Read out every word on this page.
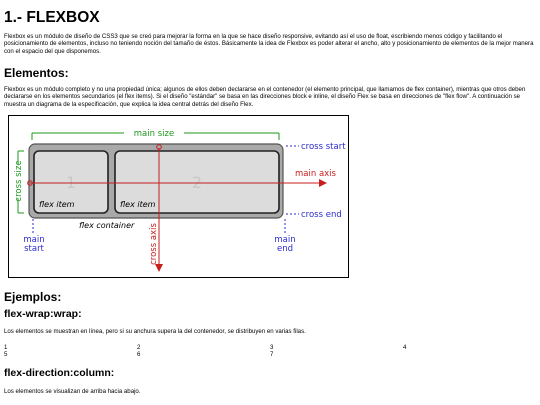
1.- FLEXBOX

Flexbox es un módulo de diseño de CSS3 que se creó para mejorar la forma en la que se hace diseño responsive, evitando así el uso de float, escribiendo menos código y facilitando el posicionamiento de elementos, incluso no teniendo noción del tamaño de éstos. Básicamente la idea de Flexbox es poder alterar el ancho, alto y posicionamiento de elementos de la mejor manera con el espacio del que disponemos.

Elementos:

Flexbox es un módulo completo y no una propiedad única; algunos de ellos deben declararse en el contenedor (el elemento principal, que llamamos de flex container), mientras que otros deben declararse en los elementos secundarios (el flex items). Si el diseño "estándar" se basa en las direcciones block e inline, el diseño Flex se basa en direcciones de "flex flow". A continuación se muestra un diagrama de la especificación, que explica la idea central detrás del diseño Flex.

1	2
flex item	flex item
flex container
main size
cross size
cross start
cross end
main
start
main
end
main axis
cross axis
Ejemplos:
flex-wrap:wrap:

Los elementos se muestran en línea, pero si su anchura supera la del contenedor, se distribuyen en varias filas.

1	2	3	4
5	6	7
flex-direction:column:

Los elementos se visualizan de arriba hacia abajo.
